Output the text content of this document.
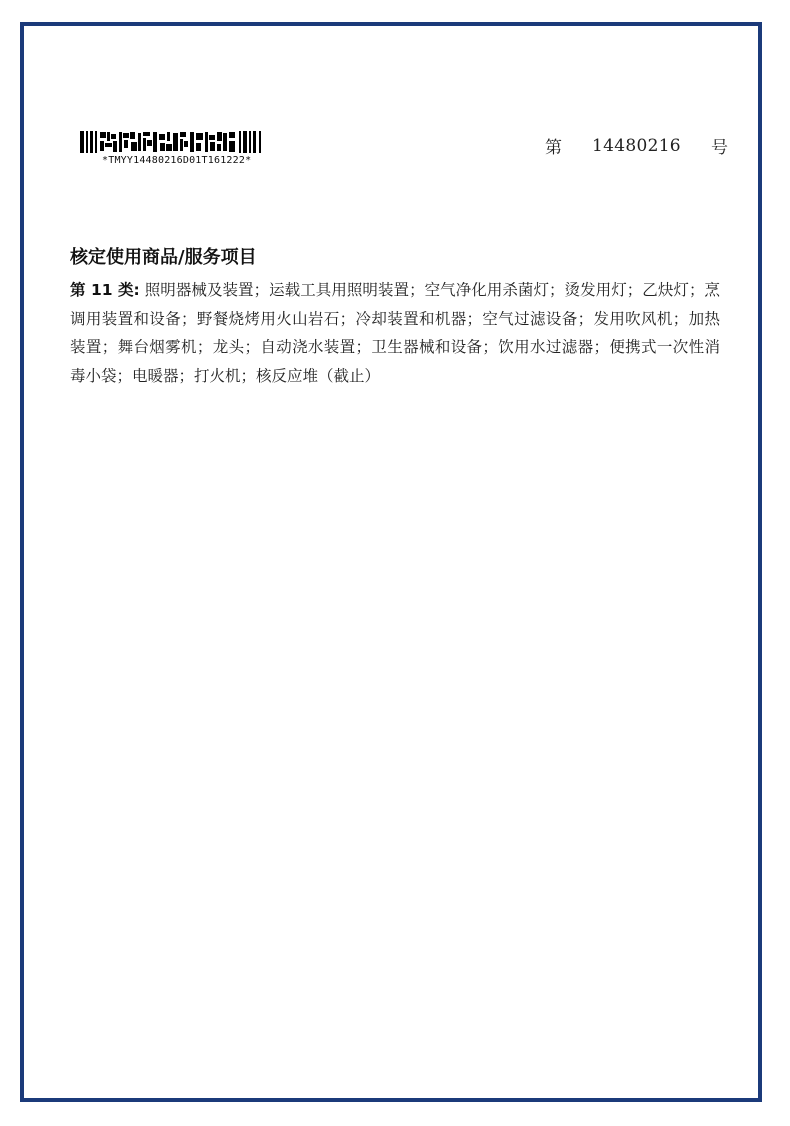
*TMYY14480216D01T161222*
第 14480216 号
核定使用商品/服务项目
第 11 类: 照明器械及装置；运载工具用照明装置；空气净化用杀菌灯；烫发用灯；乙炔灯；烹调用装置和设备；野餐烧烤用火山岩石；冷却装置和机器；空气过滤设备；发用吹风机；加热装置；舞台烟雾机；龙头；自动浇水装置；卫生器械和设备；饮用水过滤器；便携式一次性消毒小袋；电暖器；打火机；核反应堆（截止）
